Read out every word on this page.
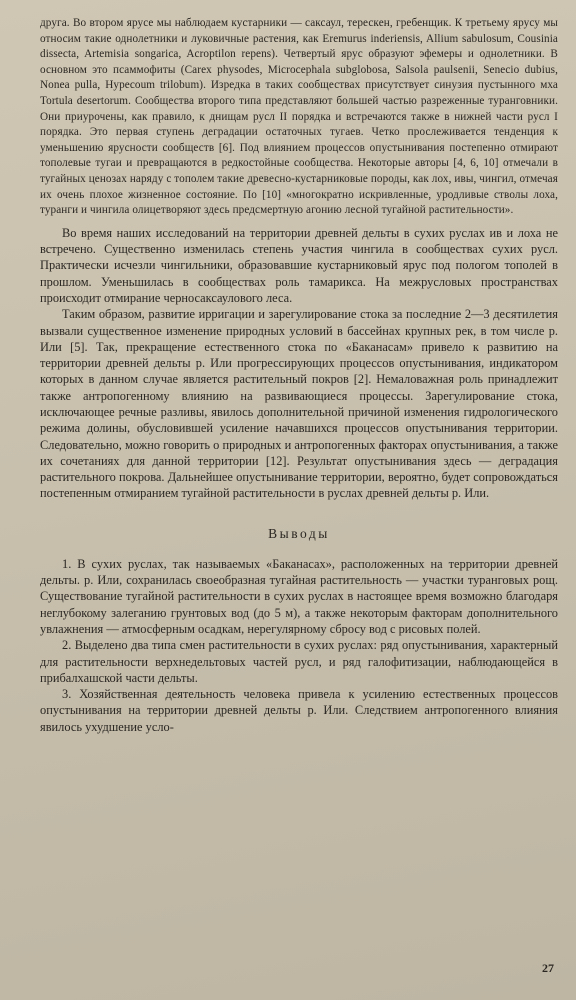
друга. Во втором ярусе мы наблюдаем кустарники — саксаул, терескен, гребенщик. К третьему ярусу мы относим такие однолетники и луковичные растения, как Eremurus inderiensis, Allium sabulosum, Cousinia dissecta, Artemisia songarica, Acroptilon repens). Четвертый ярус образуют эфемеры и однолетники. В основном это псаммофиты (Carex physodes, Microcephala subglobosa, Salsola paulsenii, Senecio dubius, Nonea pulla, Hypecoum trilobum). Изредка в таких сообществах присутствует синузия пустынного мха Tortula desertorum. Сообщества второго типа представляют большей частью разреженные туранговники. Они приурочены, как правило, к днищам русл II порядка и встречаются также в нижней части русл I порядка. Это первая ступень деградации остаточных тугаев. Четко прослеживается тенденция к уменьшению ярусности сообществ [6]. Под влиянием процессов опустынивания постепенно отмирают тополевые тугаи и превращаются в редкостойные сообщества. Некоторые авторы [4, 6, 10] отмечали в тугайных ценозах наряду с тополем такие древесно-кустарниковые породы, как лох, ивы, чингил, отмечая их очень плохое жизненное состояние. По [10] «многократно искривленные, уродливые стволы лоха, туранги и чингила олицетворяют здесь предсмертную агонию лесной тугайной растительности».

Во время наших исследований на территории древней дельты в сухих руслах ив и лоха не встречено. Существенно изменилась степень участия чингила в сообществах сухих русл. Практически исчезли чингильники, образовавшие кустарниковый ярус под пологом тополей в прошлом. Уменьшилась в сообществах роль тамарикса. На межрусловых пространствах происходит отмирание черносаксаулового леса.

Таким образом, развитие ирригации и зарегулирование стока за последние 2—3 десятилетия вызвали существенное изменение природных условий в бассейнах крупных рек, в том числе р. Или [5]. Так, прекращение естественного стока по «Баканасам» привело к развитию на территории древней дельты р. Или прогрессирующих процессов опустынивания, индикатором которых в данном случае является растительный покров [2]. Немаловажная роль принадлежит также антропогенному влиянию на развивающиеся процессы. Зарегулирование стока, исключающее речные разливы, явилось дополнительной причиной изменения гидрологического режима долины, обусловившей усиление начавшихся процессов опустынивания территории. Следовательно, можно говорить о природных и антропогенных факторах опустынивания, а также их сочетаниях для данной территории [12]. Результат опустынивания здесь — деградация растительного покрова. Дальнейшее опустынивание территории, вероятно, будет сопровождаться постепенным отмиранием тугайной растительности в руслах древней дельты р. Или.

Выводы

1. В сухих руслах, так называемых «Баканасах», расположенных на территории древней дельты. р. Или, сохранилась своеобразная тугайная растительность — участки туранговых рощ. Существование тугайной растительности в сухих руслах в настоящее время возможно благодаря неглубокому залеганию грунтовых вод (до 5 м), а также некоторым факторам дополнительного увлажнения — атмосферным осадкам, нерегулярному сбросу вод с рисовых полей.

2. Выделено два типа смен растительности в сухих руслах: ряд опустынивания, характерный для растительности верхнедельтовых частей русл, и ряд галофитизации, наблюдающейся в прибалхашской части дельты.

3. Хозяйственная деятельность человека привела к усилению естественных процессов опустынивания на территории древней дельты р. Или. Следствием антропогенного влияния явилось ухудшение усло-

27
